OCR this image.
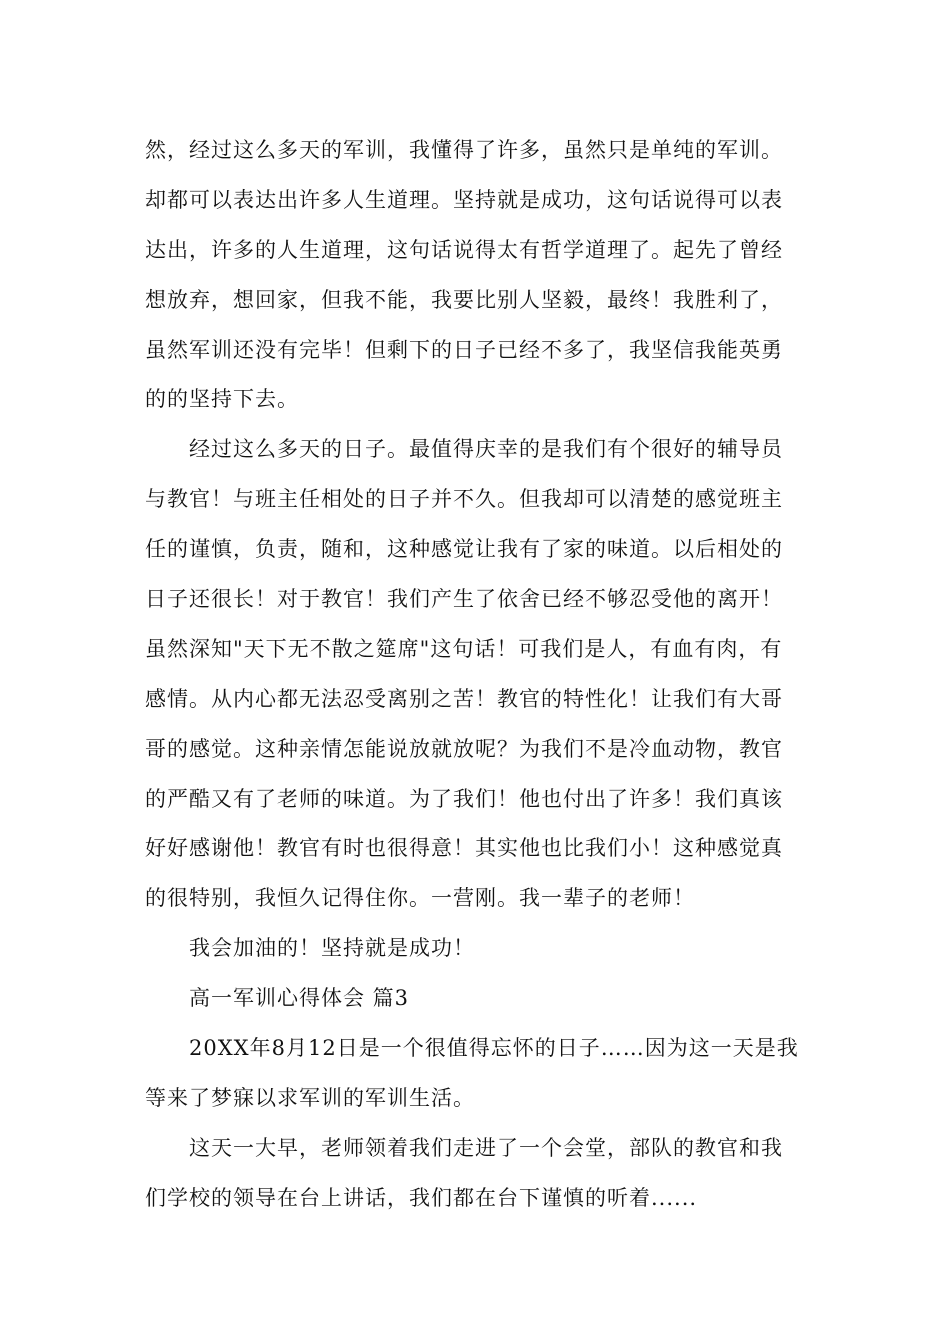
然，经过这么多天的军训，我懂得了许多，虽然只是单纯的军训。
却都可以表达出许多人生道理。坚持就是成功，这句话说得可以表
达出，许多的人生道理，这句话说得太有哲学道理了。起先了曾经
想放弃，想回家，但我不能，我要比别人坚毅，最终！我胜利了，
虽然军训还没有完毕！但剩下的日子已经不多了，我坚信我能英勇
的的坚持下去。
经过这么多天的日子。最值得庆幸的是我们有个很好的辅导员
与教官！与班主任相处的日子并不久。但我却可以清楚的感觉班主
任的谨慎，负责，随和，这种感觉让我有了家的味道。以后相处的
日子还很长！对于教官！我们产生了依舍已经不够忍受他的离开！
虽然深知"天下无不散之筵席"这句话！可我们是人，有血有肉，有
感情。从内心都无法忍受离别之苦！教官的特性化！让我们有大哥
哥的感觉。这种亲情怎能说放就放呢？为我们不是冷血动物，教官
的严酷又有了老师的味道。为了我们！他也付出了许多！我们真该
好好感谢他！教官有时也很得意！其实他也比我们小！这种感觉真
的很特别，我恒久记得住你。一营刚。我一辈子的老师！
我会加油的！坚持就是成功！
高一军训心得体会 篇3
20XX年8月12日是一个很值得忘怀的日子……因为这一天是我
等来了梦寐以求军训的军训生活。
这天一大早，老师领着我们走进了一个会堂，部队的教官和我
们学校的领导在台上讲话，我们都在台下谨慎的听着......
